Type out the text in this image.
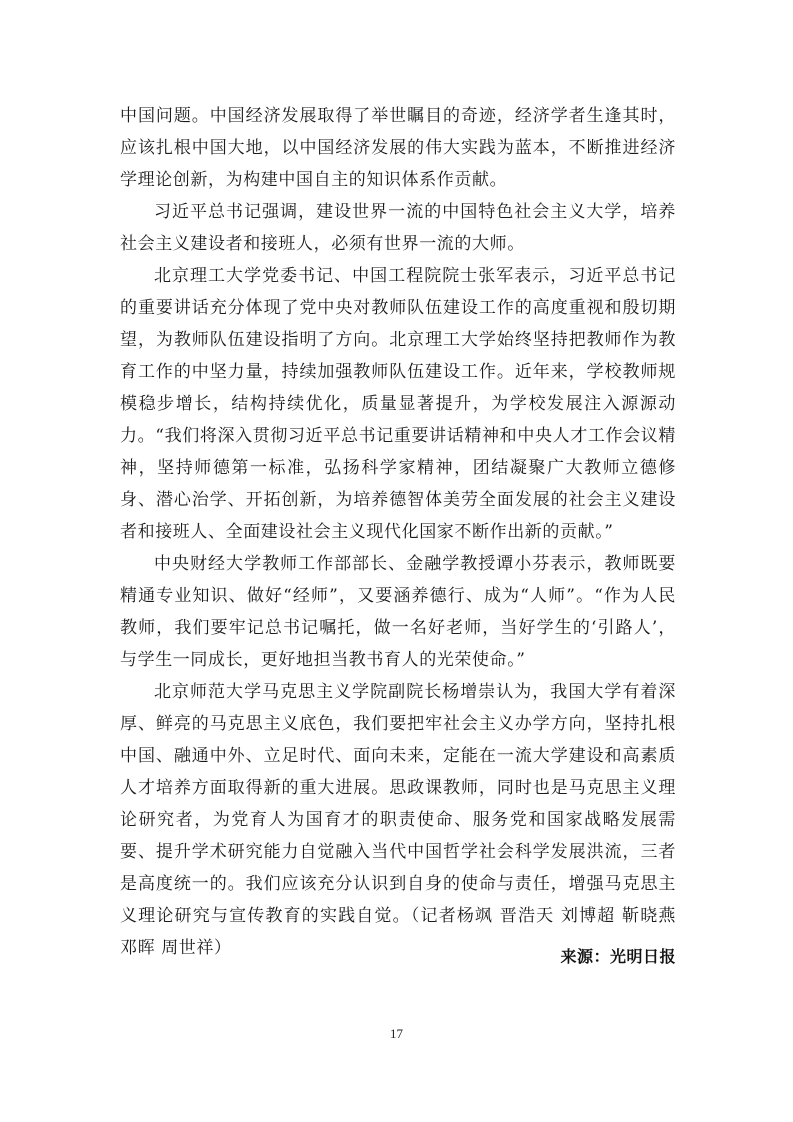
中国问题。中国经济发展取得了举世瞩目的奇迹，经济学者生逢其时，应该扎根中国大地，以中国经济发展的伟大实践为蓝本，不断推进经济学理论创新，为构建中国自主的知识体系作贡献。

习近平总书记强调，建设世界一流的中国特色社会主义大学，培养社会主义建设者和接班人，必须有世界一流的大师。

北京理工大学党委书记、中国工程院院士张军表示，习近平总书记的重要讲话充分体现了党中央对教师队伍建设工作的高度重视和殷切期望，为教师队伍建设指明了方向。北京理工大学始终坚持把教师作为教育工作的中坚力量，持续加强教师队伍建设工作。近年来，学校教师规模稳步增长，结构持续优化，质量显著提升，为学校发展注入源源动力。“我们将深入贯彻习近平总书记重要讲话精神和中央人才工作会议精神，坚持师德第一标准，弘扬科学家精神，团结凝聚广大教师立德修身、潜心治学、开拓创新，为培养德智体美劳全面发展的社会主义建设者和接班人、全面建设社会主义现代化国家不断作出新的贡献。”

中央财经大学教师工作部部长、金融学教授谭小芬表示，教师既要精通专业知识、做好“经师”，又要涵养德行、成为“人师”。“作为人民教师，我们要牢记总书记嘱托，做一名好老师，当好学生的‘引路人’，与学生一同成长，更好地担当教书育人的光荣使命。”

北京师范大学马克思主义学院副院长杨增崇认为，我国大学有着深厚、鲜亮的马克思主义底色，我们要把牢社会主义办学方向，坚持扎根中国、融通中外、立足时代、面向未来，定能在一流大学建设和高素质人才培养方面取得新的重大进展。思政课教师，同时也是马克思主义理论研究者，为党育人为国育才的职责使命、服务党和国家战略发展需要、提升学术研究能力自觉融入当代中国哲学社会科学发展洪流，三者是高度统一的。我们应该充分认识到自身的使命与责任，增强马克思主义理论研究与宣传教育的实践自觉。（记者杨飒 晋浩天 刘博超 靳晓燕 邓晖 周世祥）	来源：光明日报
17
